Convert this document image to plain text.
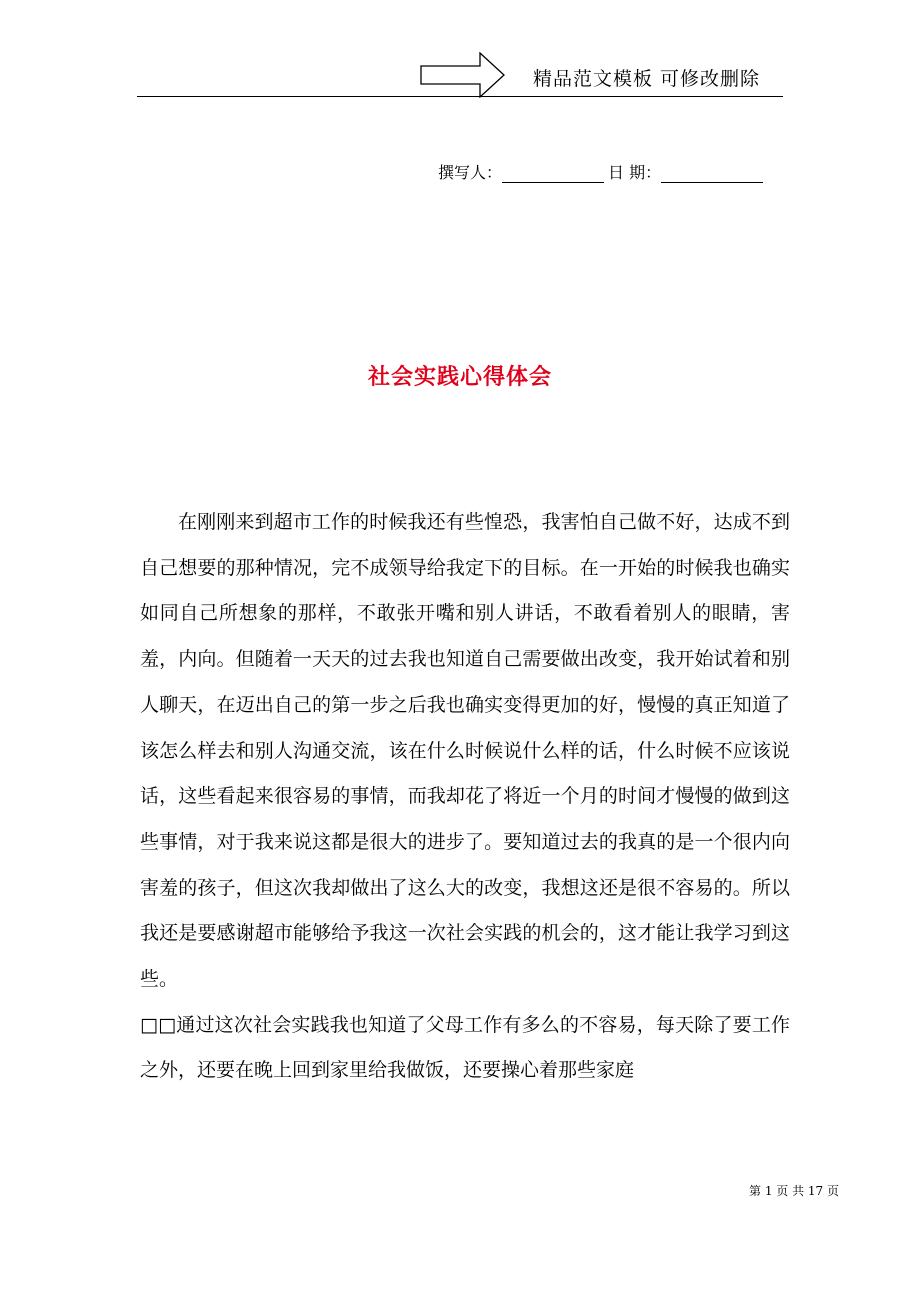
精品范文模板 可修改删除
撰写人：	日 期：
社会实践心得体会

在刚刚来到超市工作的时候我还有些惶恐，我害怕自己做不好，达成不到自己想要的那种情况，完不成领导给我定下的目标。在一开始的时候我也确实如同自己所想象的那样，不敢张开嘴和别人讲话，不敢看着别人的眼睛，害羞，内向。但随着一天天的过去我也知道自己需要做出改变，我开始试着和别人聊天，在迈出自己的第一步之后我也确实变得更加的好，慢慢的真正知道了该怎么样去和别人沟通交流，该在什么时候说什么样的话，什么时候不应该说话，这些看起来很容易的事情，而我却花了将近一个月的时间才慢慢的做到这些事情，对于我来说这都是很大的进步了。要知道过去的我真的是一个很内向害羞的孩子，但这次我却做出了这么大的改变，我想这还是很不容易的。所以我还是要感谢超市能够给予我这一次社会实践的机会的，这才能让我学习到这些。

□□通过这次社会实践我也知道了父母工作有多么的不容易，每天除了要工作之外，还要在晚上回到家里给我做饭，还要操心着那些家庭

第 1 页 共 17 页
